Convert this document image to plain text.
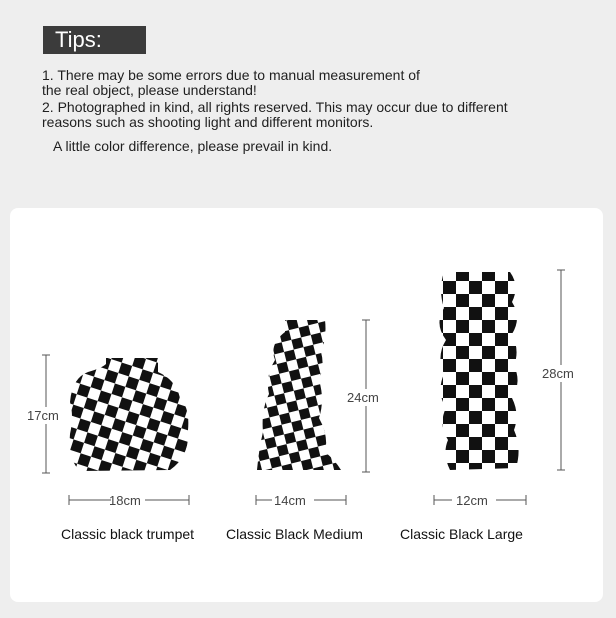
Tips:
1. There may be some errors due to manual measurement of
the real object, please understand!
2. Photographed in kind, all rights reserved. This may occur due to different
reasons such as shooting light and different monitors.
A little color difference, please prevail in kind.
17cm
18cm
Classic black trumpet
24cm
14cm
Classic Black Medium
28cm
12cm
Classic Black Large
